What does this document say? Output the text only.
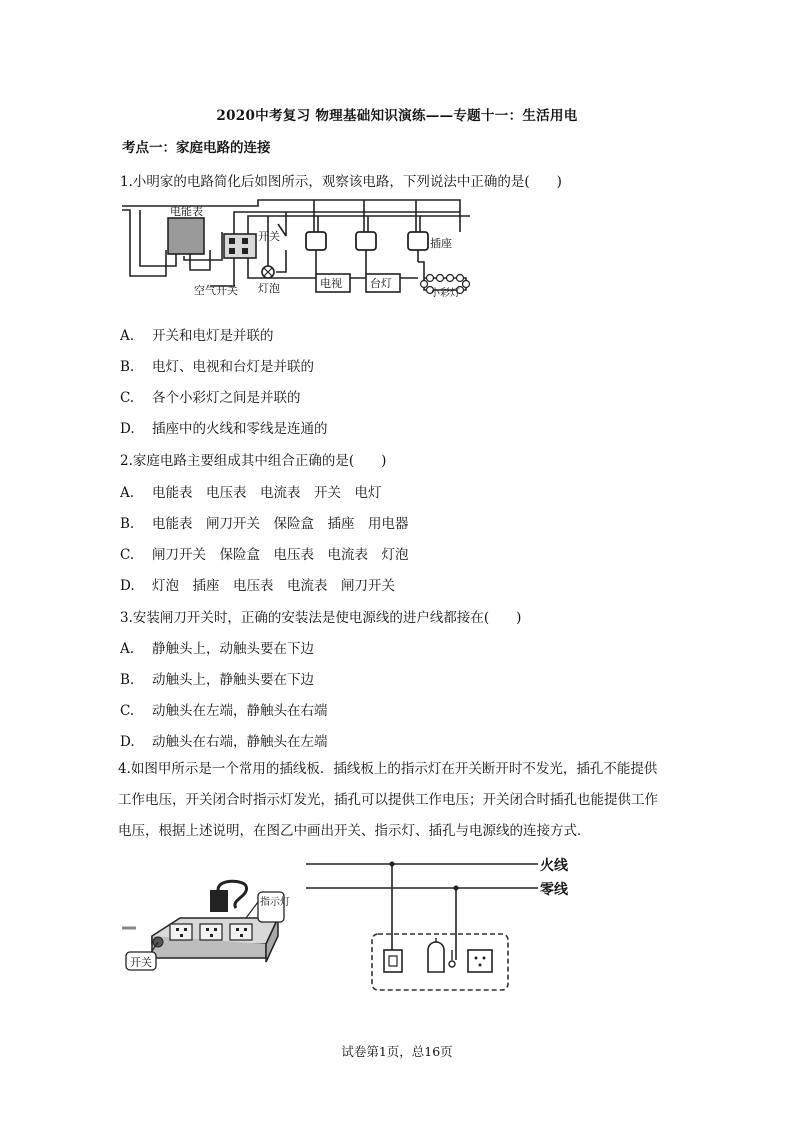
2020中考复习 物理基础知识演练——专题十一：生活用电
考点一：家庭电路的连接
1.小明家的电路简化后如图所示，观察该电路，下列说法中正确的是(　　)
电能表
空气开关
开关
灯泡
插座
电视	台灯
小彩灯
A. 开关和电灯是并联的
B. 电灯、电视和台灯是并联的
C. 各个小彩灯之间是并联的
D. 插座中的火线和零线是连通的
2.家庭电路主要组成其中组合正确的是(　　)
A. 电能表　电压表　电流表　开关　电灯
B. 电能表　闸刀开关　保险盒　插座　用电器
C. 闸刀开关　保险盒　电压表　电流表　灯泡
D. 灯泡　插座　电压表　电流表　闸刀开关
3.安装闸刀开关时，正确的安装法是使电源线的进户线都接在(　　)
A. 静触头上，动触头要在下边
B. 动触头上，静触头要在下边
C. 动触头在左端，静触头在右端
D. 动触头在右端，静触头在左端
4.如图甲所示是一个常用的插线板．插线板上的指示灯在开关断开时不发光，插孔不能提供
工作电压，开关闭合时指示灯发光，插孔可以提供工作电压；开关闭合时插孔也能提供工作
电压，根据上述说明，在图乙中画出开关、指示灯、插孔与电源线的连接方式．
开关
指示灯
火线
零线
试卷第1页，总16页
